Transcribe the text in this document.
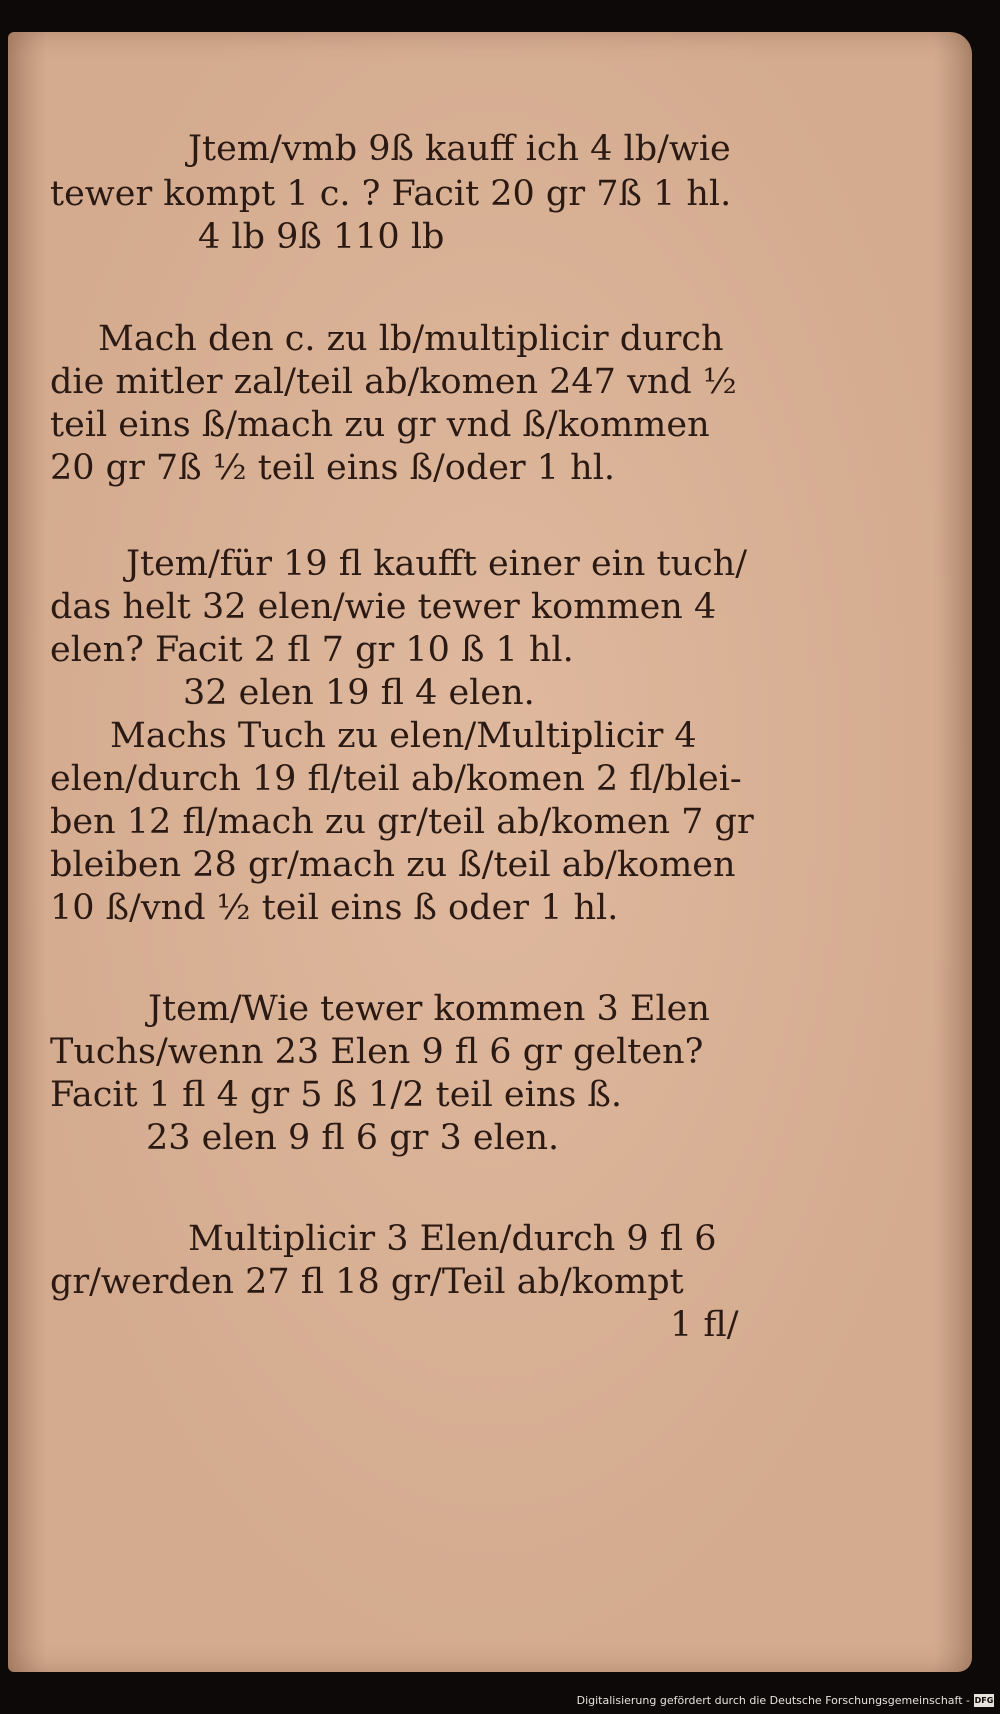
Jtem/vmb 9ß kauff ich 4 lb/wie
tewer kompt 1 c. ? Facit 20 gr 7ß 1 hl.
4 lb 9ß 110 lb
Mach den c. zu lb/multiplicir durch
die mitler zal/teil ab/komen 247 vnd ½
teil eins ß/mach zu gr vnd ß/kommen
20 gr 7ß ½ teil eins ß/oder 1 hl.
Jtem/für 19 fl kaufft einer ein tuch/
das helt 32 elen/wie tewer kommen 4
elen? Facit 2 fl 7 gr 10 ß 1 hl.
32 elen 19 fl 4 elen.
Machs Tuch zu elen/Multiplicir 4
elen/durch 19 fl/teil ab/komen 2 fl/blei-
ben 12 fl/mach zu gr/teil ab/komen 7 gr
bleiben 28 gr/mach zu ß/teil ab/komen
10 ß/vnd ½ teil eins ß oder 1 hl.
Jtem/Wie tewer kommen 3 Elen
Tuchs/wenn 23 Elen 9 fl 6 gr gelten?
Facit 1 fl 4 gr 5 ß 1/2 teil eins ß.
23 elen 9 fl 6 gr 3 elen.
Multiplicir 3 Elen/durch 9 fl 6
gr/werden 27 fl 18 gr/Teil ab/kompt
1 fl/
Digitalisierung gefördert durch die Deutsche Forschungsgemeinschaft - DFG
